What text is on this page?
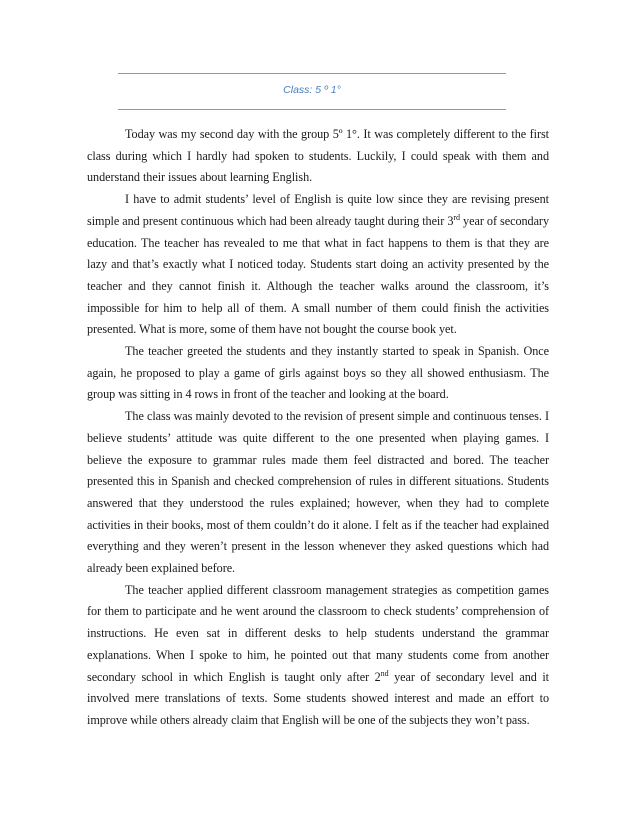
Class: 5 º 1°

Today was my second day with the group 5º 1°. It was completely different to the first class during which I hardly had spoken to students. Luckily, I could speak with them and understand their issues about learning English.

I have to admit students’ level of English is quite low since they are revising present simple and present continuous which had been already taught during their 3rd year of secondary education. The teacher has revealed to me that what in fact happens to them is that they are lazy and that’s exactly what I noticed today. Students start doing an activity presented by the teacher and they cannot finish it. Although the teacher walks around the classroom, it’s impossible for him to help all of them. A small number of them could finish the activities presented. What is more, some of them have not bought the course book yet.

The teacher greeted the students and they instantly started to speak in Spanish. Once again, he proposed to play a game of girls against boys so they all showed enthusiasm. The group was sitting in 4 rows in front of the teacher and looking at the board.

The class was mainly devoted to the revision of present simple and continuous tenses. I believe students’ attitude was quite different to the one presented when playing games. I believe the exposure to grammar rules made them feel distracted and bored. The teacher presented this in Spanish and checked comprehension of rules in different situations. Students answered that they understood the rules explained; however, when they had to complete activities in their books, most of them couldn’t do it alone. I felt as if the teacher had explained everything and they weren’t present in the lesson whenever they asked questions which had already been explained before.

The teacher applied different classroom management strategies as competition games for them to participate and he went around the classroom to check students’ comprehension of instructions. He even sat in different desks to help students understand the grammar explanations. When I spoke to him, he pointed out that many students come from another secondary school in which English is taught only after 2nd year of secondary level and it involved mere translations of texts. Some students showed interest and made an effort to improve while others already claim that English will be one of the subjects they won’t pass.
